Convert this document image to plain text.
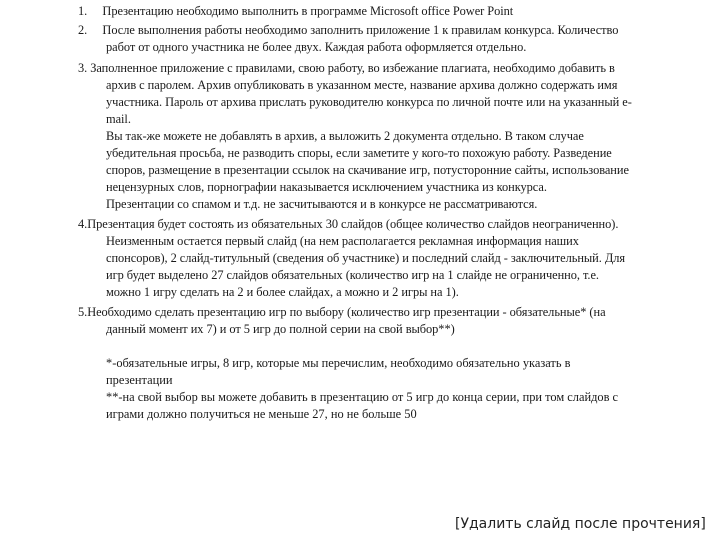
1.     Презентацию необходимо выполнить в программе Microsoft office Power Point
2.     После выполнения работы необходимо заполнить приложение 1 к правилам конкурса. Количество
работ от одного участника не более двух. Каждая работа оформляется отдельно.
3. Заполненное приложение с правилами, свою работу, во избежание плагиата, необходимо добавить в
архив с паролем. Архив опубликовать в указанном месте, название архива должно содержать имя
участника. Пароль от архива прислать руководителю конкурса по личной почте или на указанный е-
mail.
Вы так-же можете не добавлять в архив, а выложить 2 документа отдельно. В таком случае
убедительная просьба, не разводить споры, если заметите у кого-то похожую работу. Разведение
споров, размещение в презентации ссылок на скачивание игр, потусторонние сайты, использование
нецензурных слов, порнографии наказывается исключением участника из конкурса.
Презентации со спамом и т.д. не засчитываются и в конкурсе не рассматриваются.
4.Презентация будет состоять из обязательных 30 слайдов (общее количество слайдов неограниченно).
Неизменным остается первый слайд (на нем располагается рекламная информация наших
спонсоров), 2 слайд-титульный (сведения об участнике) и последний слайд - заключительный. Для
игр будет выделено 27 слайдов обязательных (количество игр на 1 слайде не ограниченно, т.е.
можно 1 игру сделать на 2 и более слайдах, а можно и 2 игры на 1).
5.Необходимо сделать презентацию игр по выбору (количество игр презентации - обязательные* (на
данный момент их 7) и от 5 игр до полной серии на свой выбор**)
*-обязательные игры, 8 игр, которые мы перечислим, необходимо обязательно указать в
презентации
**-на свой выбор вы можете добавить в презентацию от 5 игр до конца серии, при том слайдов с
играми должно получиться не меньше 27, но не больше 50
[Удалить слайд после прочтения]
